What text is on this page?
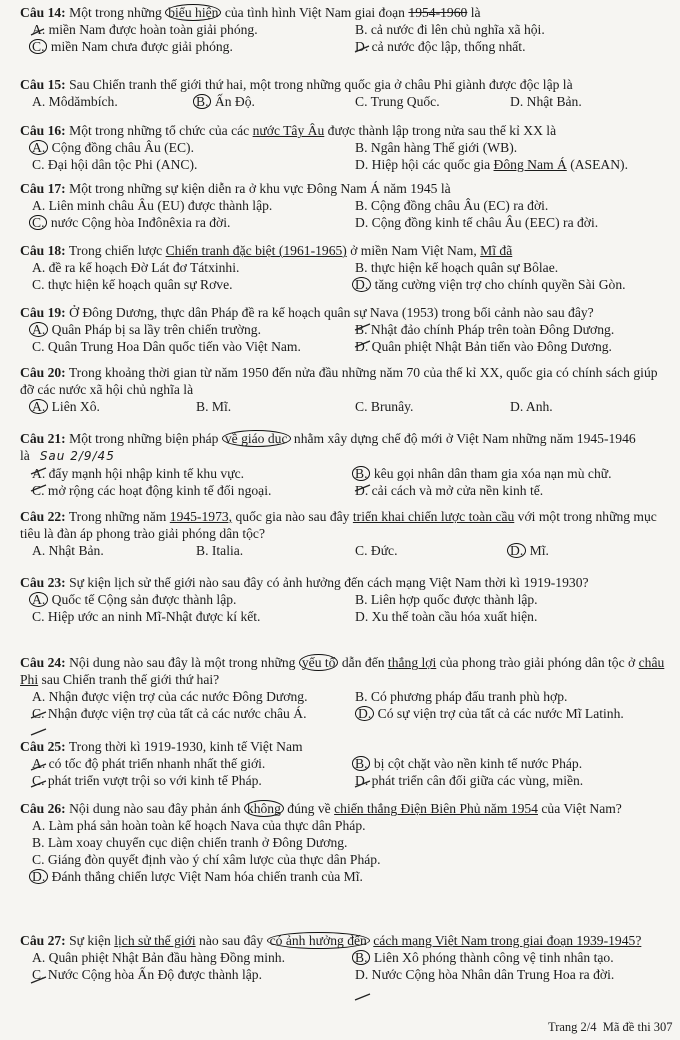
Câu 14: Một trong những biểu hiện của tình hình Việt Nam giai đoạn 1954-1960 là

A. miền Nam được hoàn toàn giải phóng.	B. cả nước đi lên chủ nghĩa xã hội.
C. miền Nam chưa được giải phóng.	D. cả nước độc lập, thống nhất.

Câu 15: Sau Chiến tranh thế giới thứ hai, một trong những quốc gia ở châu Phi giành được độc lập là

A. Môdămbích.	B. Ấn Độ.	C. Trung Quốc.	D. Nhật Bản.

Câu 16: Một trong những tổ chức của các nước Tây Âu được thành lập trong nửa sau thế kỉ XX là

A. Cộng đồng châu Âu (EC).	B. Ngân hàng Thế giới (WB).
C. Đại hội dân tộc Phi (ANC).	D. Hiệp hội các quốc gia Đông Nam Á (ASEAN).

Câu 17: Một trong những sự kiện diễn ra ở khu vực Đông Nam Á năm 1945 là

A. Liên minh châu Âu (EU) được thành lập.	B. Cộng đồng châu Âu (EC) ra đời.
C. nước Cộng hòa Inđônêxia ra đời.	D. Cộng đồng kinh tế châu Âu (EEC) ra đời.

Câu 18: Trong chiến lược Chiến tranh đặc biệt (1961-1965) ở miền Nam Việt Nam, Mĩ đã

A. đề ra kế hoạch Đờ Lát đơ Tátxinhi.	B. thực hiện kế hoạch quân sự Bôlae.
C. thực hiện kế hoạch quân sự Rơve.	D. tăng cường viện trợ cho chính quyền Sài Gòn.

Câu 19: Ở Đông Dương, thực dân Pháp đề ra kế hoạch quân sự Nava (1953) trong bối cảnh nào sau đây?

A. Quân Pháp bị sa lầy trên chiến trường.	B. Nhật đảo chính Pháp trên toàn Đông Dương.
C. Quân Trung Hoa Dân quốc tiến vào Việt Nam.	D. Quân phiệt Nhật Bản tiến vào Đông Dương.

Câu 20: Trong khoảng thời gian từ năm 1950 đến nửa đầu những năm 70 của thế kỉ XX, quốc gia có chính sách giúp đỡ các nước xã hội chủ nghĩa là

A. Liên Xô.	B. Mĩ.	C. Brunây.	D. Anh.

Câu 21: Một trong những biện pháp về giáo dục nhằm xây dựng chế độ mới ở Việt Nam những năm 1945-1946 là Sau 2/9/45

A. đẩy mạnh hội nhập kinh tế khu vực.	B. kêu gọi nhân dân tham gia xóa nạn mù chữ.
C. mở rộng các hoạt động kinh tế đối ngoại.	D. cải cách và mở cửa nền kinh tế.

Câu 22: Trong những năm 1945-1973, quốc gia nào sau đây triển khai chiến lược toàn cầu với một trong những mục tiêu là đàn áp phong trào giải phóng dân tộc?

A. Nhật Bản.	B. Italia.	C. Đức.	D. Mĩ.

Câu 23: Sự kiện lịch sử thế giới nào sau đây có ảnh hưởng đến cách mạng Việt Nam thời kì 1919-1930?

A. Quốc tế Cộng sản được thành lập.	B. Liên hợp quốc được thành lập.
C. Hiệp ước an ninh Mĩ-Nhật được kí kết.	D. Xu thế toàn cầu hóa xuất hiện.

Câu 24: Nội dung nào sau đây là một trong những yếu tố dẫn đến thắng lợi của phong trào giải phóng dân tộc ở châu Phi sau Chiến tranh thế giới thứ hai?

A. Nhận được viện trợ của các nước Đông Dương.	B. Có phương pháp đấu tranh phù hợp.
C. Nhận được viện trợ của tất cả các nước châu Á.	D. Có sự viện trợ của tất cả các nước Mĩ Latinh.

Câu 25: Trong thời kì 1919-1930, kinh tế Việt Nam

A. có tốc độ phát triển nhanh nhất thế giới.	B. bị cột chặt vào nền kinh tế nước Pháp.
C. phát triển vượt trội so với kinh tế Pháp.	D. phát triển cân đối giữa các vùng, miền.

Câu 26: Nội dung nào sau đây phản ánh không đúng về chiến thắng Điện Biên Phủ năm 1954 của Việt Nam?

A. Làm phá sản hoàn toàn kế hoạch Nava của thực dân Pháp.
B. Làm xoay chuyển cục diện chiến tranh ở Đông Dương.
C. Giáng đòn quyết định vào ý chí xâm lược của thực dân Pháp.
D. Đánh thắng chiến lược Việt Nam hóa chiến tranh của Mĩ.

Câu 27: Sự kiện lịch sử thế giới nào sau đây có ảnh hưởng đến cách mạng Việt Nam trong giai đoạn 1939-1945?

A. Quân phiệt Nhật Bản đầu hàng Đồng minh.	B. Liên Xô phóng thành công vệ tinh nhân tạo.
C. Nước Cộng hòa Ấn Độ được thành lập.	D. Nước Cộng hòa Nhân dân Trung Hoa ra đời.
Trang 2/4 Mã đề thi 307
